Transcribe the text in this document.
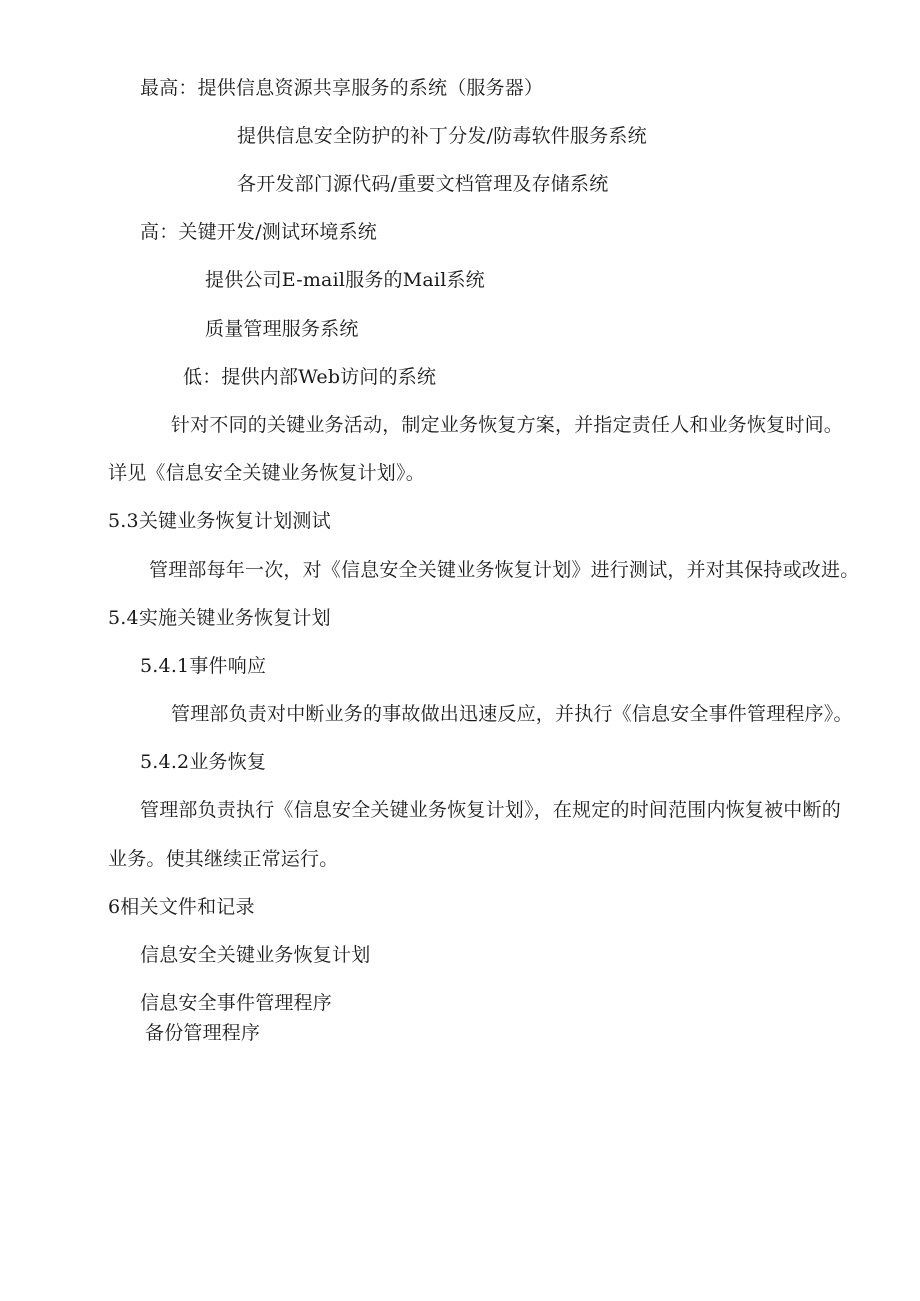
最高：提供信息资源共享服务的系统（服务器）
提供信息安全防护的补丁分发/防毒软件服务系统
各开发部门源代码/重要文档管理及存储系统
高：关键开发/测试环境系统
提供公司E-mail服务的Mail系统
质量管理服务系统
低：提供内部Web访问的系统
针对不同的关键业务活动，制定业务恢复方案，并指定责任人和业务恢复时间。
详见《信息安全关键业务恢复计划》。
5.3关键业务恢复计划测试
管理部每年一次，对《信息安全关键业务恢复计划》进行测试，并对其保持或改进。
5.4实施关键业务恢复计划
5.4.1事件响应
管理部负责对中断业务的事故做出迅速反应，并执行《信息安全事件管理程序》。
5.4.2业务恢复
管理部负责执行《信息安全关键业务恢复计划》，在规定的时间范围内恢复被中断的
业务。使其继续正常运行。
6相关文件和记录
信息安全关键业务恢复计划
信息安全事件管理程序
备份管理程序
